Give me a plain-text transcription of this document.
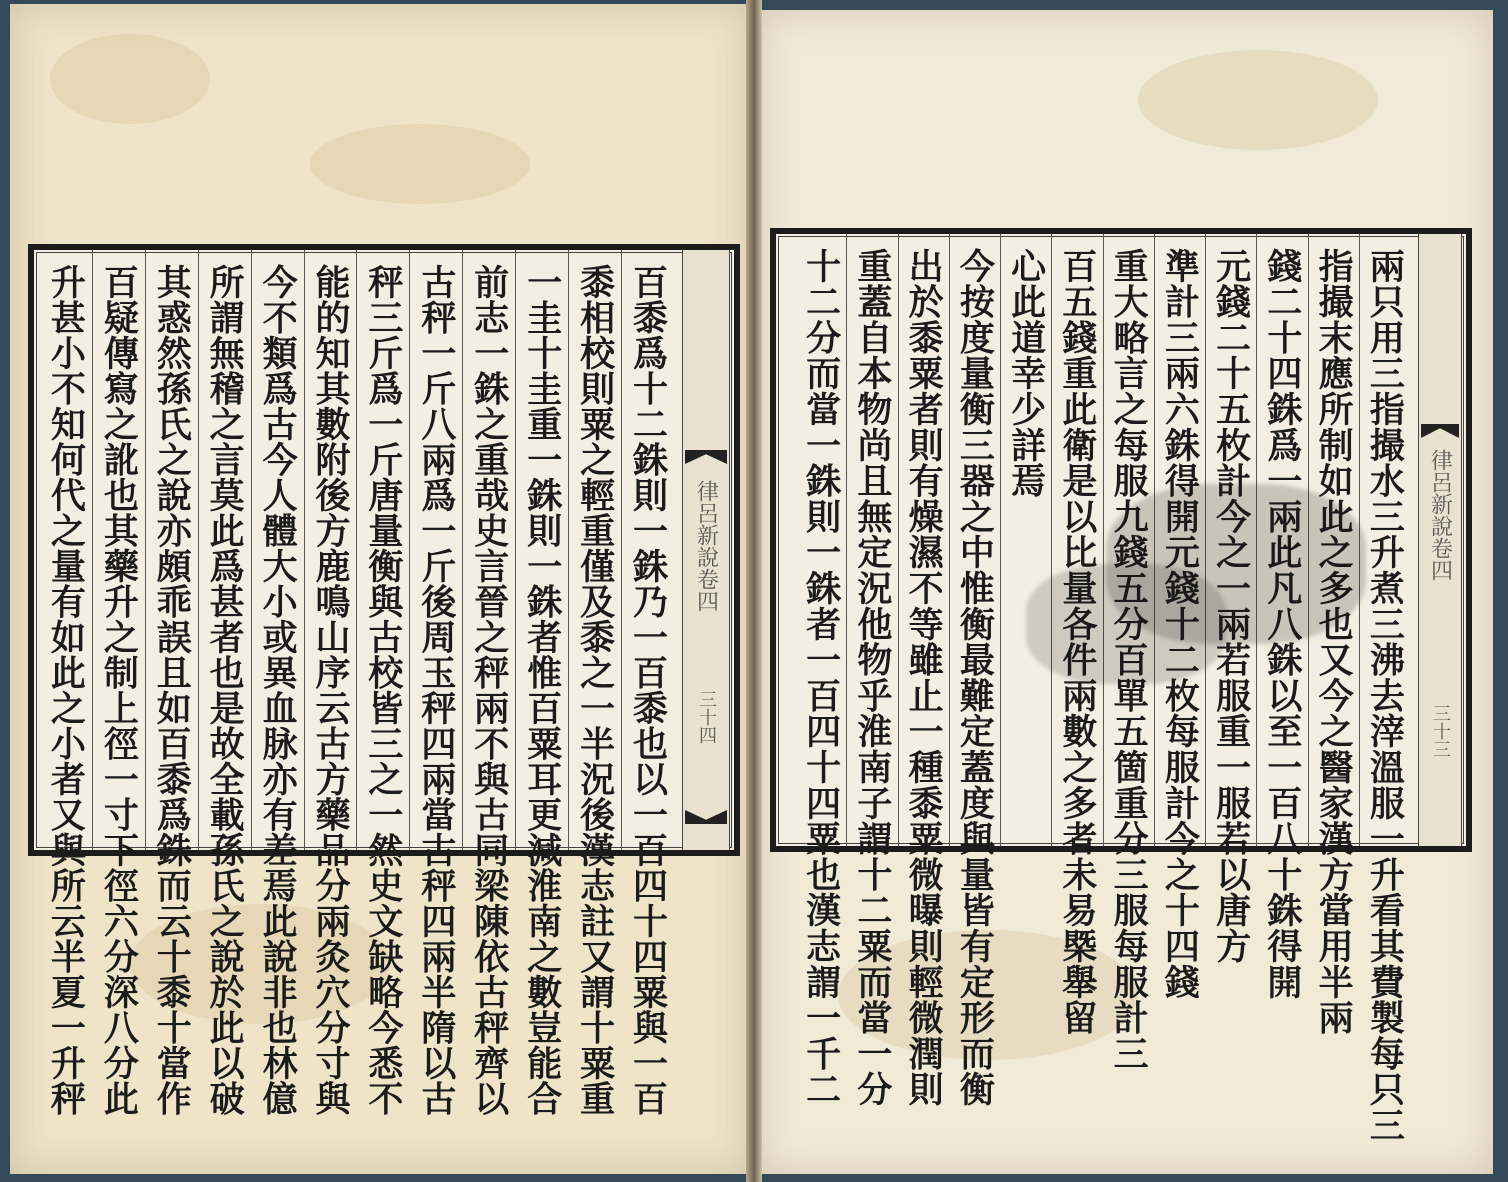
律呂新說卷四
三十四
百黍爲十二銖則一銖乃一百黍也以一百四十四粟與一百
黍相校則粟之輕重僅及黍之一半況後漢志註又謂十粟重
一圭十圭重一銖則一銖者惟百粟耳更減淮南之數豈能合
前志一銖之重哉史言晉之秤兩不與古同梁陳依古秤齊以
古秤一斤八兩爲一斤後周玉秤四兩當古秤四兩半隋以古
秤三斤爲一斤唐量衡與古校皆三之一然史文缺略今悉不
能的知其數附後方鹿鳴山序云古方藥品分兩灸穴分寸與
今不類爲古今人體大小或異血脉亦有差焉此說非也林億
所謂無稽之言莫此爲甚者也是故全載孫氏之說於此以破
其惑然孫氏之說亦頗乖誤且如百黍爲銖而云十黍十當作
百疑傳寫之訛也其藥升之制上徑一寸下徑六分深八分此
升甚小不知何代之量有如此之小者又與所云半夏一升秤	律呂新說卷四
三十三
兩只用三指撮水三升煮三沸去滓溫服一升看其費製每只三
指撮末應所制如此之多也又今之醫家漢方當用半兩
錢二十四銖爲一兩此凡八銖以至一百八十銖得開
元錢二十五枚計今之一兩若服重一服若以唐方
準計三兩六銖得開元錢十二枚每服計今之十四錢
重大略言之每服九錢五分百單五箇重分三服每服計三
百五錢重此衛是以比量各件兩數之多者未易槩舉留
心此道幸少詳焉
今按度量衡三器之中惟衡最難定蓋度與量皆有定形而衡
出於黍粟者則有燥濕不等雖止一種黍粟微曝則輕微潤則
重蓋自本物尚且無定況他物乎淮南子謂十二粟而當一分
十二分而當一銖則一銖者一百四十四粟也漢志謂一千二
